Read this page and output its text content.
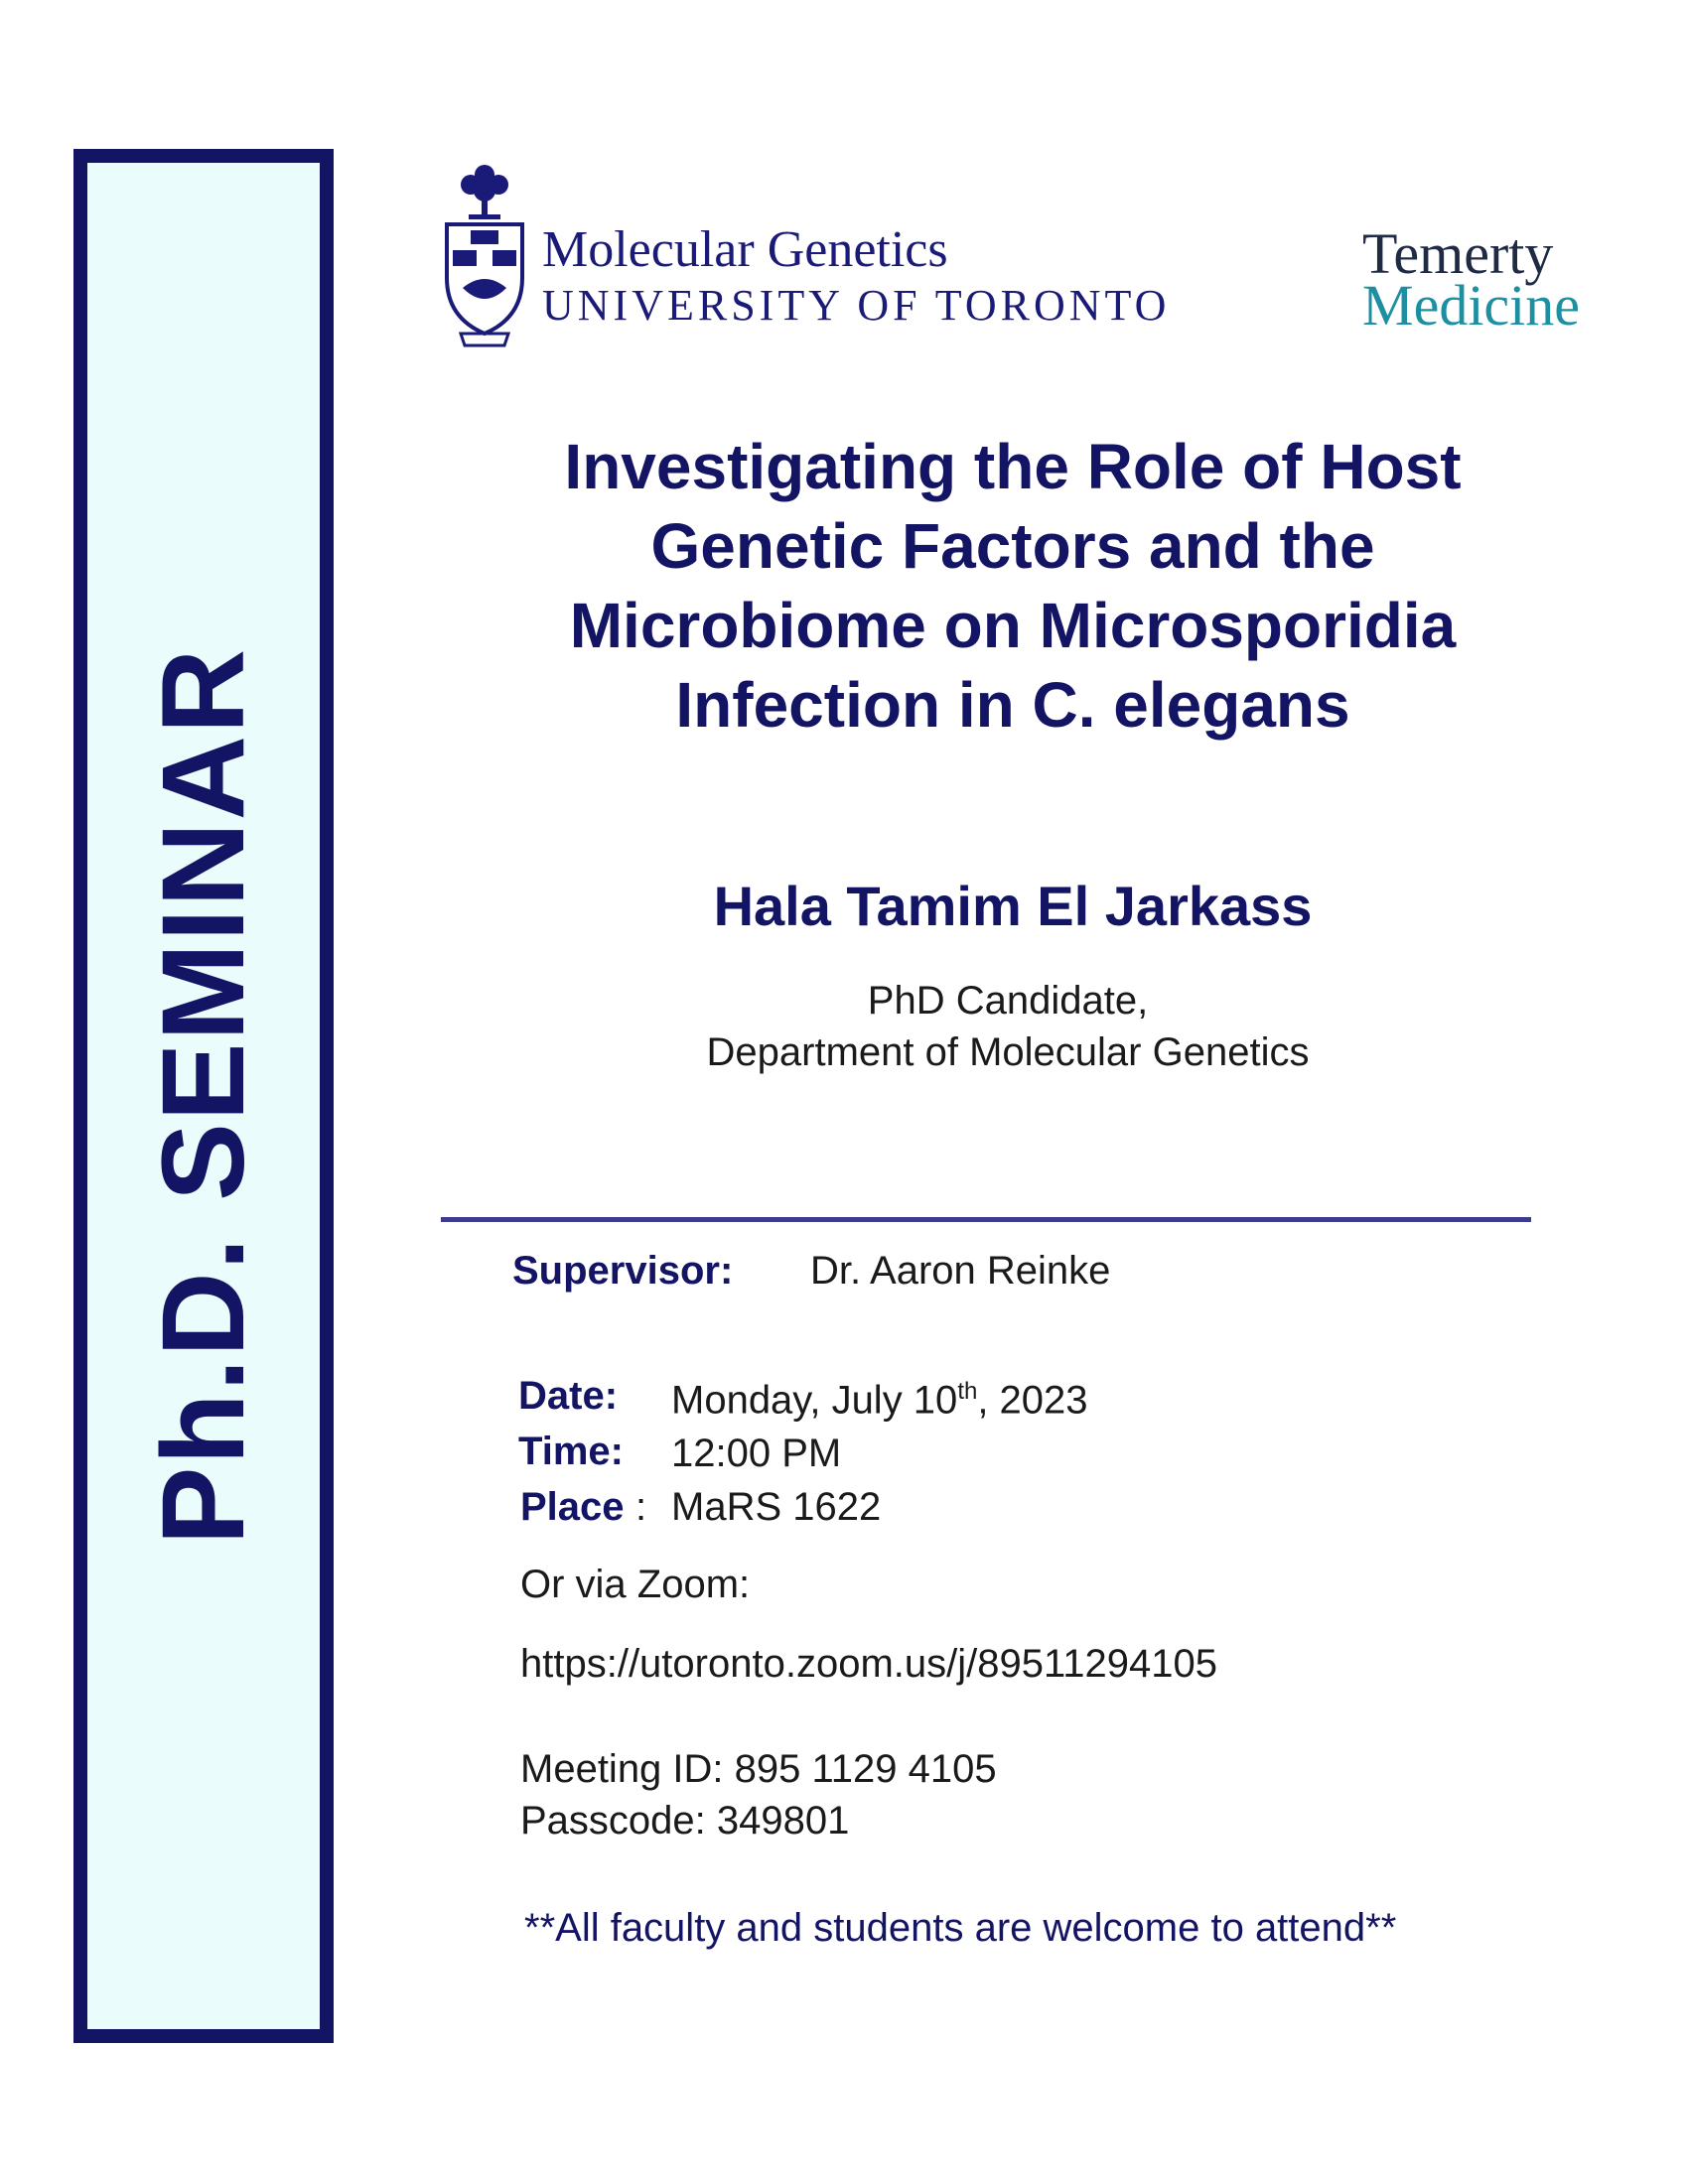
Ph.D. SEMINAR
Molecular Genetics
UNIVERSITY OF TORONTO
Temerty
Medicine
Investigating the Role of Host
Genetic Factors and the
Microbiome on Microsporidia
Infection in C. elegans
Hala Tamim El Jarkass
PhD Candidate,
Department of Molecular Genetics
Supervisor: Dr. Aaron Reinke
Date: Monday, July 10th, 2023
Time: 12:00 PM
Place : MaRS 1622
Or via Zoom:
https://utoronto.zoom.us/j/89511294105
Meeting ID: 895 1129 4105
Passcode: 349801
**All faculty and students are welcome to attend**
